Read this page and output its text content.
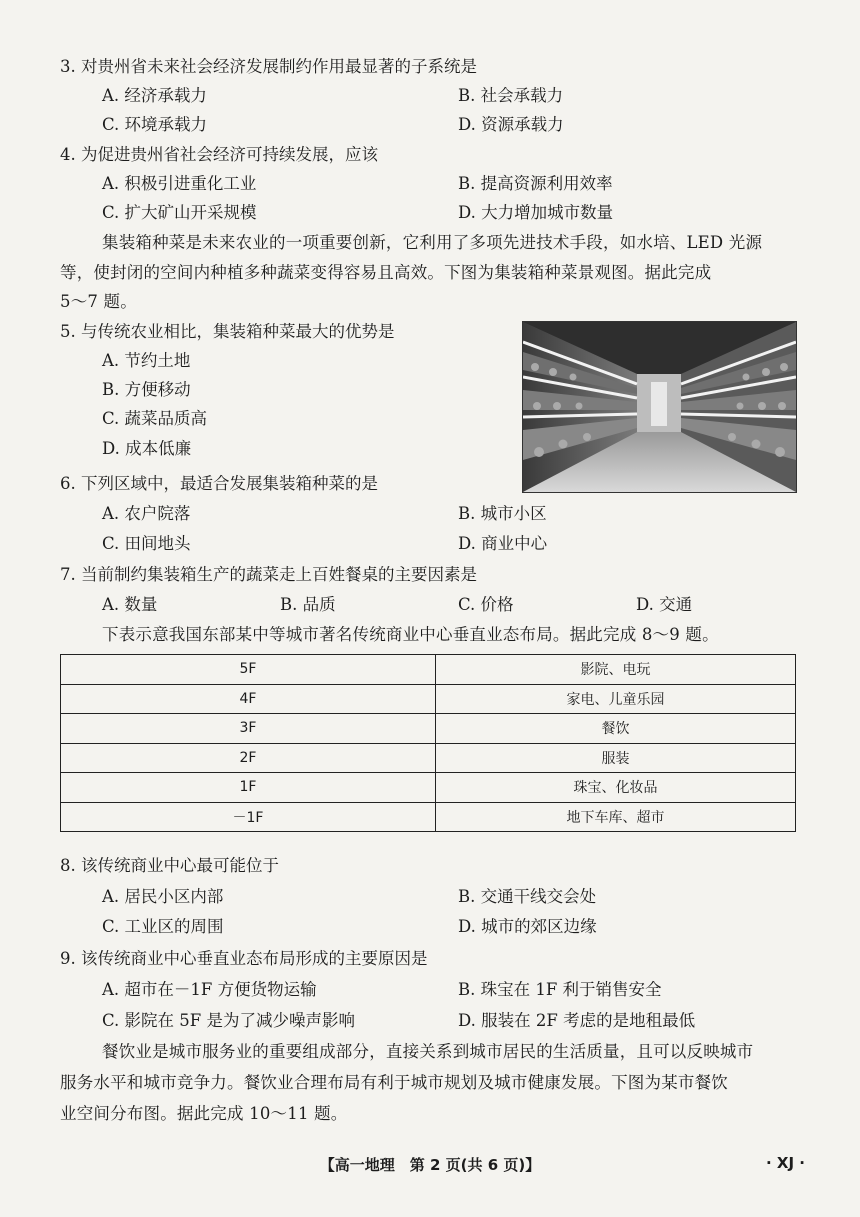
3. 对贵州省未来社会经济发展制约作用最显著的子系统是
A. 经济承载力	B. 社会承载力
C. 环境承载力	D. 资源承载力
4. 为促进贵州省社会经济可持续发展，应该
A. 积极引进重化工业	B. 提高资源利用效率
C. 扩大矿山开采规模	D. 大力增加城市数量
集装箱种菜是未来农业的一项重要创新，它利用了多项先进技术手段，如水培、LED 光源
等，使封闭的空间内种植多种蔬菜变得容易且高效。下图为集装箱种菜景观图。据此完成
5～7 题。
5. 与传统农业相比，集装箱种菜最大的优势是
A. 节约土地
B. 方便移动
C. 蔬菜品质高
D. 成本低廉
6. 下列区域中，最适合发展集装箱种菜的是
A. 农户院落	B. 城市小区
C. 田间地头	D. 商业中心
7. 当前制约集装箱生产的蔬菜走上百姓餐桌的主要因素是
A. 数量	B. 品质	C. 价格	D. 交通
下表示意我国东部某中等城市著名传统商业中心垂直业态布局。据此完成 8～9 题。
5F	影院、电玩
4F	家电、儿童乐园
3F	餐饮
2F	服装
1F	珠宝、化妆品
－1F	地下车库、超市
8. 该传统商业中心最可能位于
A. 居民小区内部	B. 交通干线交会处
C. 工业区的周围	D. 城市的郊区边缘
9. 该传统商业中心垂直业态布局形成的主要原因是
A. 超市在－1F 方便货物运输	B. 珠宝在 1F 利于销售安全
C. 影院在 5F 是为了减少噪声影响	D. 服装在 2F 考虑的是地租最低
餐饮业是城市服务业的重要组成部分，直接关系到城市居民的生活质量，且可以反映城市
服务水平和城市竞争力。餐饮业合理布局有利于城市规划及城市健康发展。下图为某市餐饮
业空间分布图。据此完成 10～11 题。
【高一地理　第 2 页(共 6 页)】	· XJ ·
